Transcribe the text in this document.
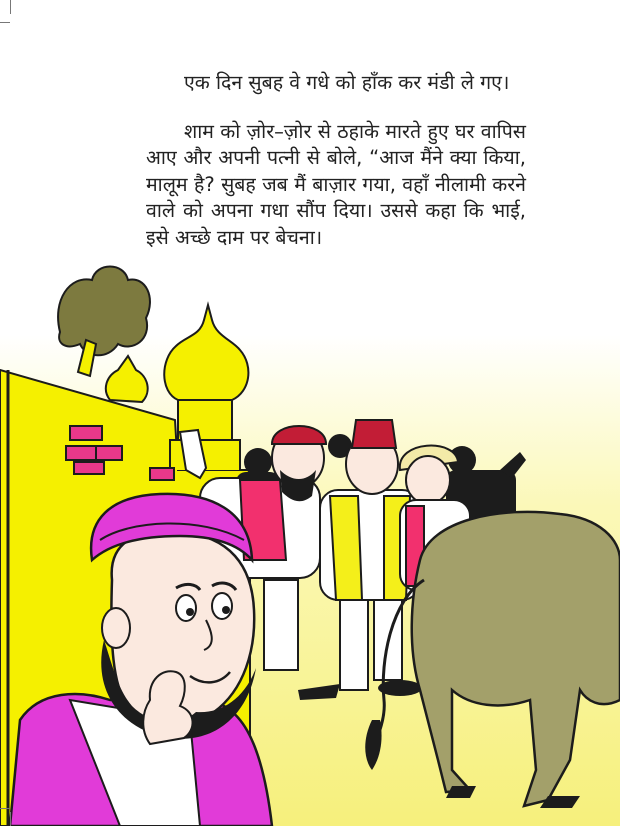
एक दिन सुबह वे गधे को हाँक कर मंडी ले गए।

शाम को ज़ोर–ज़ोर से ठहाके मारते हुए घर वापिस आए और अपनी पत्नी से बोले, “आज मैंने क्या किया, मालूम है? सुबह जब मैं बाज़ार गया, वहाँ नीलामी करने वाले को अपना गधा सौंप दिया। उससे कहा कि भाई, इसे अच्छे दाम पर बेचना।
